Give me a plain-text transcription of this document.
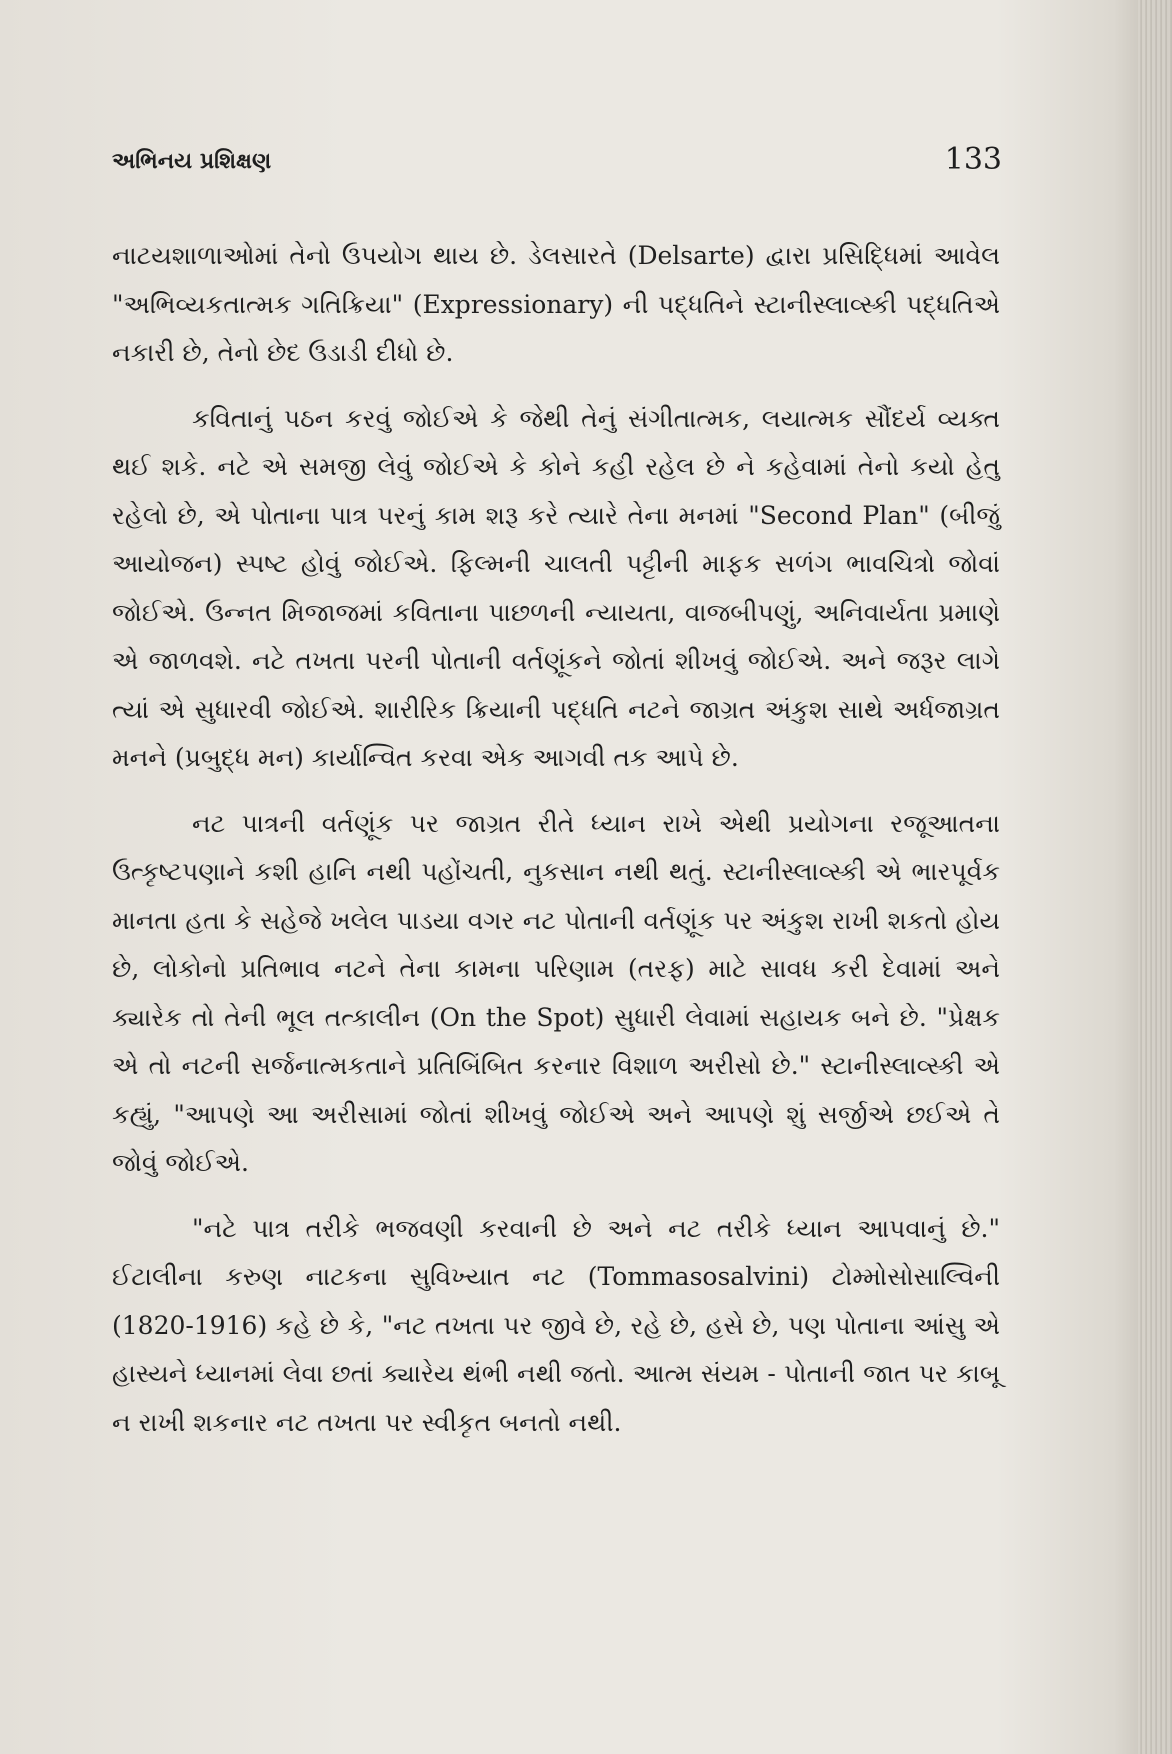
અભિનય પ્રશિક્ષણ	133

નાટયશાળાઓમાં તેનો ઉપયોગ થાય છે. ડેલસારતે (Delsarte) દ્વારા પ્રસિદ્ધિમાં આવેલ "અભિવ્યકતાત્મક ગતિક્રિયા" (Expressionary) ની પદ્ધતિને સ્ટાનીસ્લાવ્સ્કી પદ્ધતિએ નકારી છે, તેનો છેદ ઉડાડી દીધો છે.

કવિતાનું પઠન કરવું જોઈએ કે જેથી તેનું સંગીતાત્મક, લયાત્મક સૌંદર્ય વ્યક્ત થઈ શકે. નટે એ સમજી લેવું જોઈએ કે કોને કહી રહેલ છે ને કહેવામાં તેનો કયો હેતુ રહેલો છે, એ પોતાના પાત્ર પરનું કામ શરૂ કરે ત્યારે તેના મનમાં "Second Plan" (બીજું આયોજન) સ્પષ્ટ હોવું જોઈએ. ફિલ્મની ચાલતી પટ્ટીની માફક સળંગ ભાવચિત્રો જોવાં જોઈએ. ઉન્નત મિજાજમાં કવિતાના પાછળની ન્યાયતા, વાજબીપણું, અનિવાર્યતા પ્રમાણે એ જાળવશે. નટે તખતા પરની પોતાની વર્તણૂંકને જોતાં શીખવું જોઈએ. અને જરૂર લાગે ત્યાં એ સુધારવી જોઈએ. શારીરિક ક્રિયાની પદ્ધતિ નટને જાગ્રત અંકુશ સાથે અર્ધજાગ્રત મનને (પ્રબુદ્ધ મન) કાર્યાન્વિત કરવા એક આગવી તક આપે છે.

નટ પાત્રની વર્તણૂંક પર જાગ્રત રીતે ધ્યાન રાખે એથી પ્રયોગના રજૂઆતના ઉત્કૃષ્ટપણાને કશી હાનિ નથી પહોંચતી, નુકસાન નથી થતું. સ્ટાનીસ્લાવ્સ્કી એ ભારપૂર્વક માનતા હતા કે સહેજે ખલેલ પાડયા વગર નટ પોતાની વર્તણૂંક પર અંકુશ રાખી શકતો હોય છે, લોકોનો પ્રતિભાવ નટને તેના કામના પરિણામ (તરફ) માટે સાવધ કરી દેવામાં અને ક્યારેક તો તેની ભૂલ તત્કાલીન (On the Spot) સુધારી લેવામાં સહાયક બને છે. "પ્રેક્ષક એ તો નટની સર્જનાત્મકતાને પ્રતિબિંબિત કરનાર વિશાળ અરીસો છે." સ્ટાનીસ્લાવ્સ્કી એ કહ્યું, "આપણે આ અરીસામાં જોતાં શીખવું જોઈએ અને આપણે શું સર્જીએ છઈએ તે જોવું જોઈએ.

"નટે પાત્ર તરીકે ભજવણી કરવાની છે અને નટ તરીકે ધ્યાન આપવાનું છે." ઈટાલીના કરુણ નાટકના સુવિખ્યાત નટ (Tommasosalvini) ટોમ્મોસોસાલ્વિની (1820-1916) કહે છે કે, "નટ તખતા પર જીવે છે, રહે છે, હસે છે, પણ પોતાના આંસુ એ હાસ્યને ધ્યાનમાં લેવા છતાં ક્યારેય થંભી નથી જતો. આત્મ સંયમ - પોતાની જાત પર કાબૂ ન રાખી શકનાર નટ તખતા પર સ્વીકૃત બનતો નથી.
